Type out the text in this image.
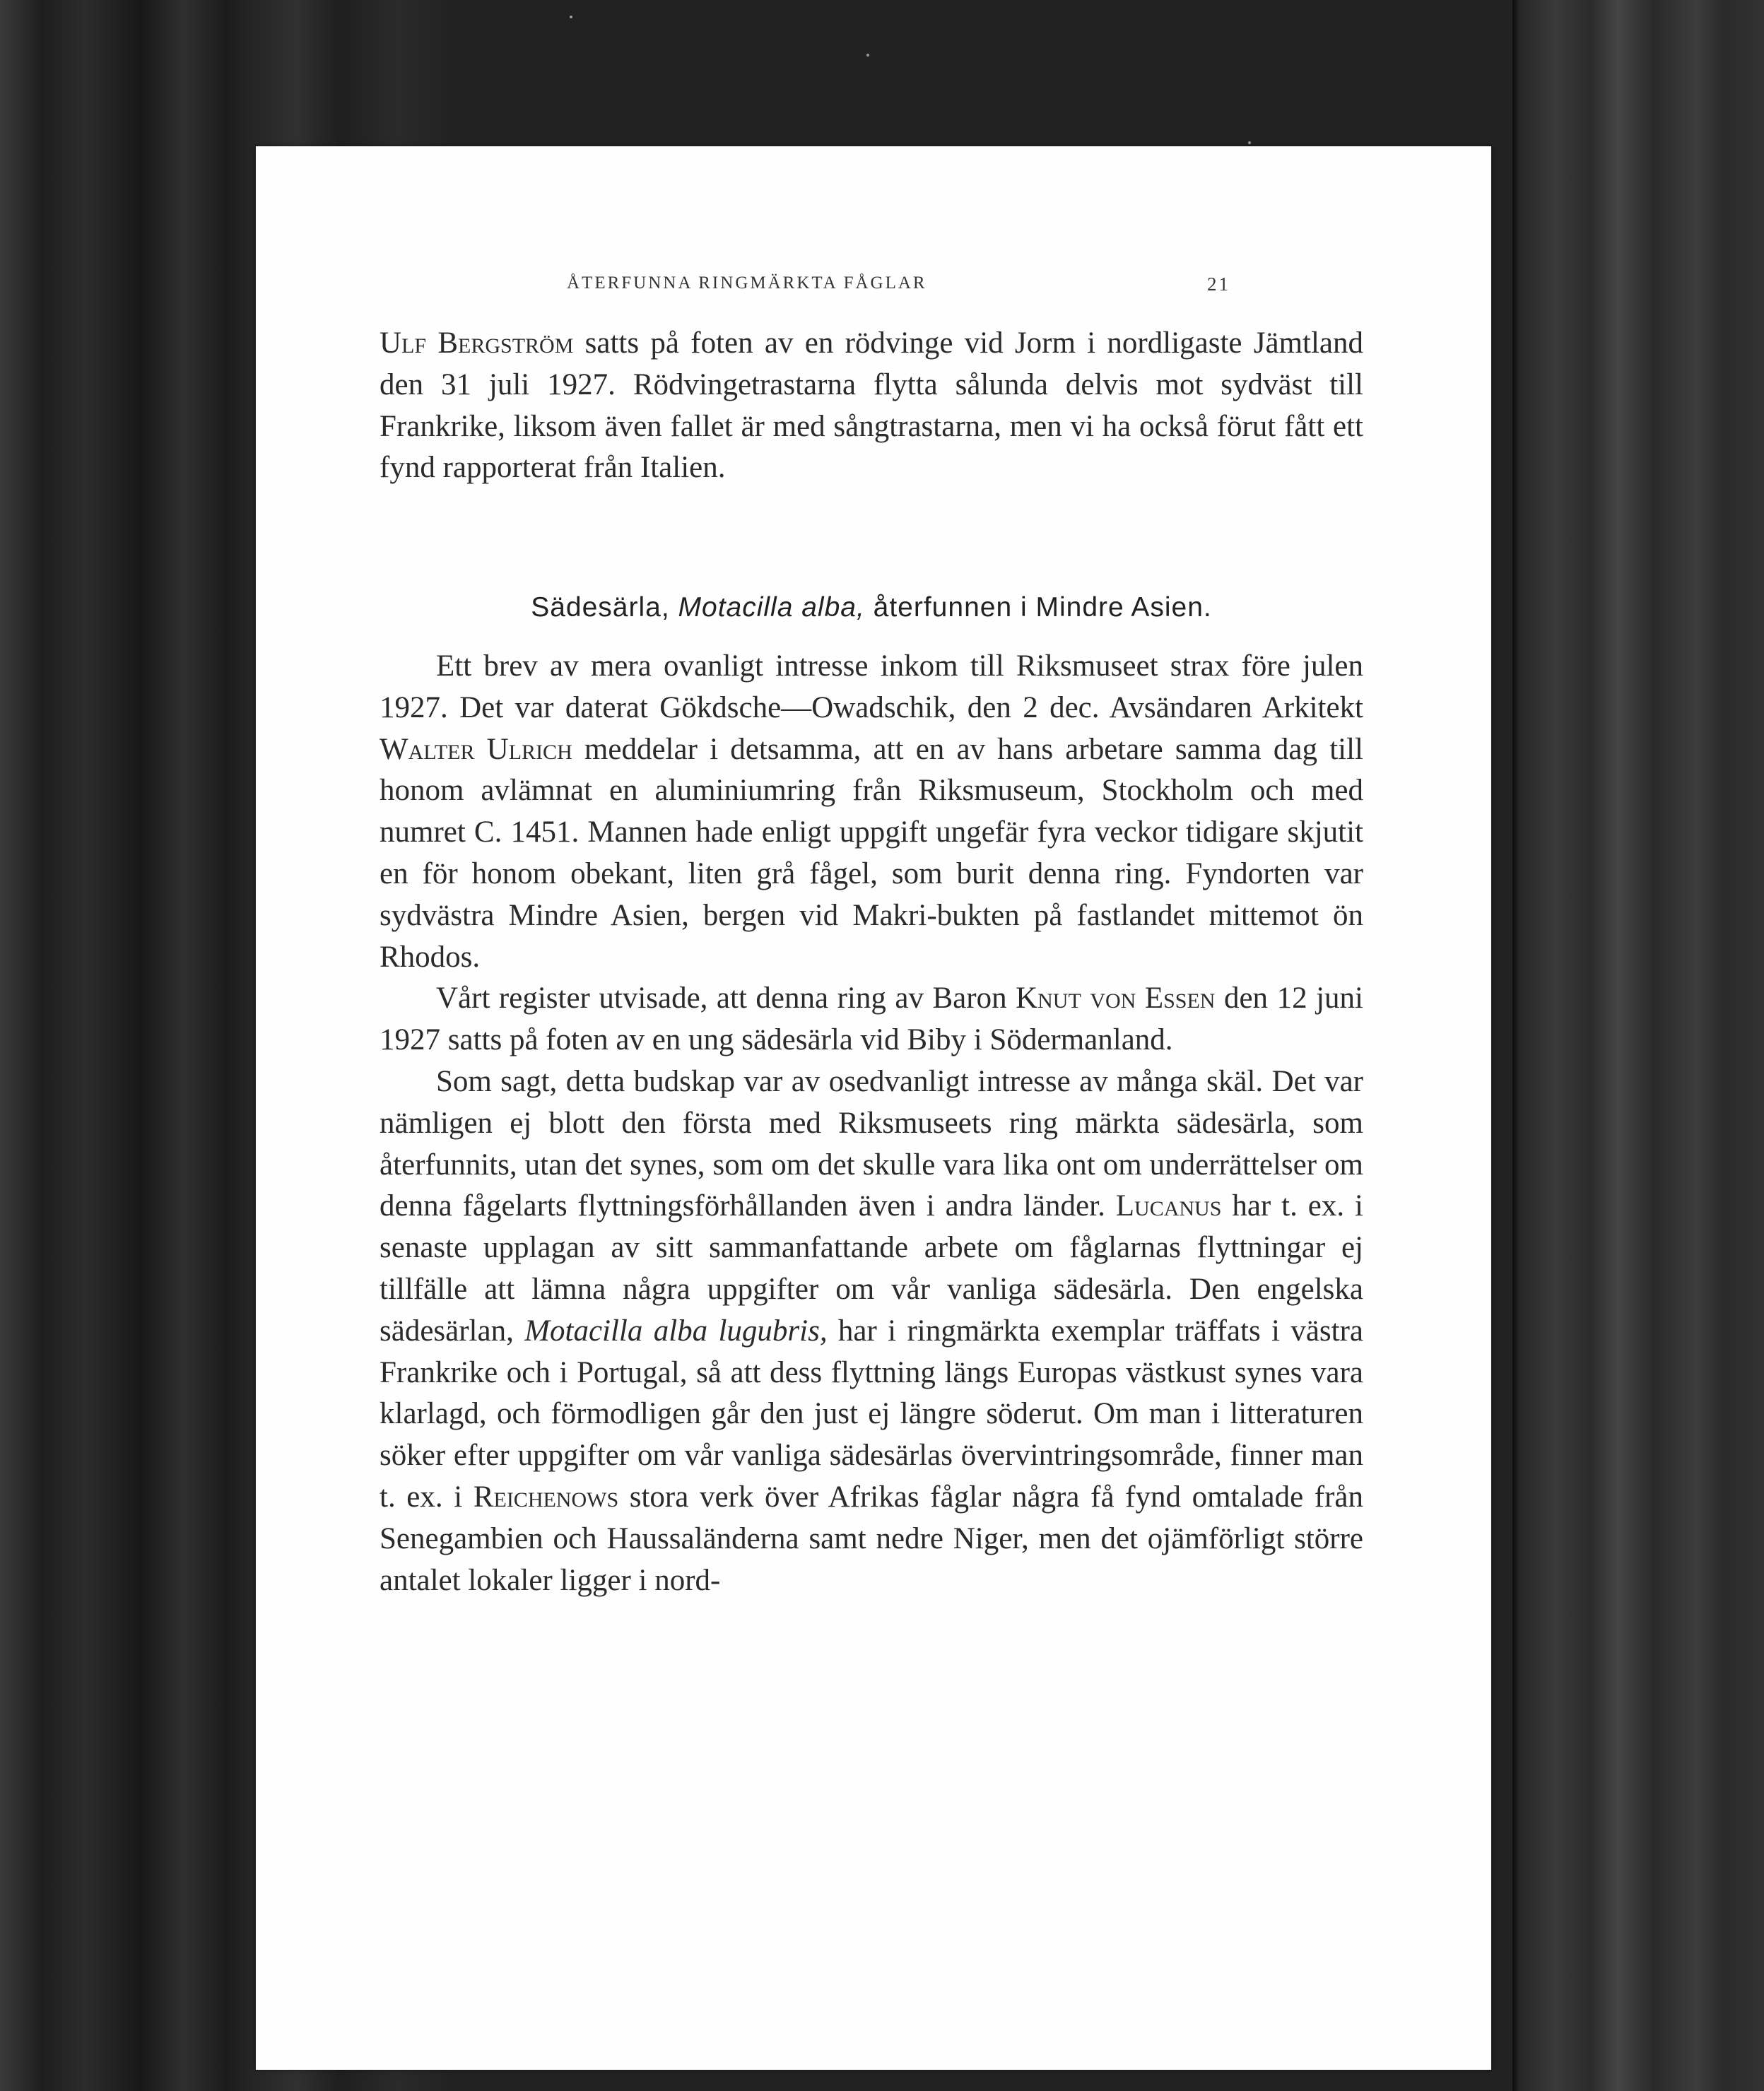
ÅTERFUNNA RINGMÄRKTA FÅGLAR	21

Ulf Bergström satts på foten av en rödvinge vid Jorm i nordligaste Jämtland den 31 juli 1927. Rödvingetrastarna flytta sålunda delvis mot sydväst till Frankrike, liksom även fallet är med sångtrastarna, men vi ha också förut fått ett fynd rapporterat från Italien.

Sädesärla, Motacilla alba, återfunnen i Mindre Asien.

Ett brev av mera ovanligt intresse inkom till Riksmuseet strax före julen 1927. Det var daterat Gökdsche—Owadschik, den 2 dec. Avsändaren Arkitekt Walter Ulrich meddelar i detsamma, att en av hans arbetare samma dag till honom avlämnat en aluminiumring från Riksmuseum, Stockholm och med numret C. 1451. Mannen hade enligt uppgift ungefär fyra veckor tidigare skjutit en för honom obekant, liten grå fågel, som burit denna ring. Fyndorten var sydvästra Mindre Asien, bergen vid Makri-bukten på fastlandet mittemot ön Rhodos.

Vårt register utvisade, att denna ring av Baron Knut von Essen den 12 juni 1927 satts på foten av en ung sädesärla vid Biby i Södermanland.

Som sagt, detta budskap var av osedvanligt intresse av många skäl. Det var nämligen ej blott den första med Riksmuseets ring märkta sädesärla, som återfunnits, utan det synes, som om det skulle vara lika ont om underrättelser om denna fågelarts flyttningsförhållanden även i andra länder. Lucanus har t. ex. i senaste upplagan av sitt sammanfattande arbete om fåglarnas flyttningar ej tillfälle att lämna några uppgifter om vår vanliga sädesärla. Den engelska sädesärlan, Motacilla alba lugubris, har i ringmärkta exemplar träffats i västra Frankrike och i Portugal, så att dess flyttning längs Europas västkust synes vara klarlagd, och förmodligen går den just ej längre söderut. Om man i litteraturen söker efter uppgifter om vår vanliga sädesärlas övervintringsområde, finner man t. ex. i Reichenows stora verk över Afrikas fåglar några få fynd omtalade från Senegambien och Haussaländerna samt nedre Niger, men det ojämförligt större antalet lokaler ligger i nord-
